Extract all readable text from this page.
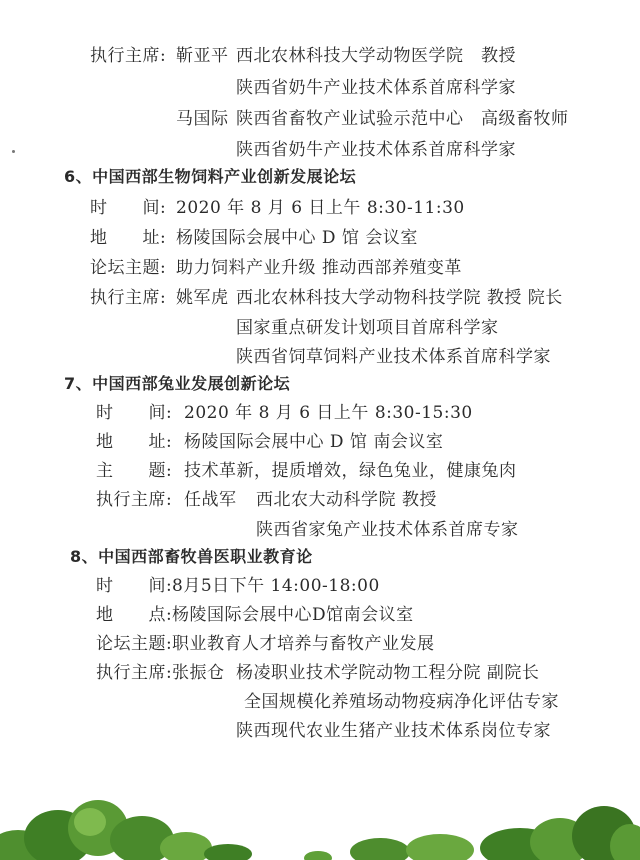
执行主席: 靳亚平 西北农林科技大学动物医学院　教授
陕西省奶牛产业技术体系首席科学家
马国际 陕西省畜牧产业试验示范中心　高级畜牧师
陕西省奶牛产业技术体系首席科学家
6、中国西部生物饲料产业创新发展论坛
时　　间: 2020 年 8 月 6 日上午 8:30-11:30
地　　址: 杨陵国际会展中心 D 馆 会议室
论坛主题: 助力饲料产业升级 推动西部养殖变革
执行主席: 姚军虎 西北农林科技大学动物科技学院 教授 院长
国家重点研发计划项目首席科学家
陕西省饲草饲料产业技术体系首席科学家
7、中国西部兔业发展创新论坛
时　　间: 2020 年 8 月 6 日上午 8:30-15:30
地　　址: 杨陵国际会展中心 D 馆 南会议室
主　　题: 技术革新，提质增效，绿色兔业，健康兔肉
执行主席: 任战军 西北农大动科学院 教授
陕西省家兔产业技术体系首席专家
8、中国西部畜牧兽医职业教育论
时　　间: 8月5日下午 14:00-18:00
地　　点: 杨陵国际会展中心D馆南会议室
论坛主题: 职业教育人才培养与畜牧产业发展
执行主席: 张振仓 杨凌职业技术学院动物工程分院 副院长
全国规模化养殖场动物疫病净化评估专家
陕西现代农业生猪产业技术体系岗位专家
